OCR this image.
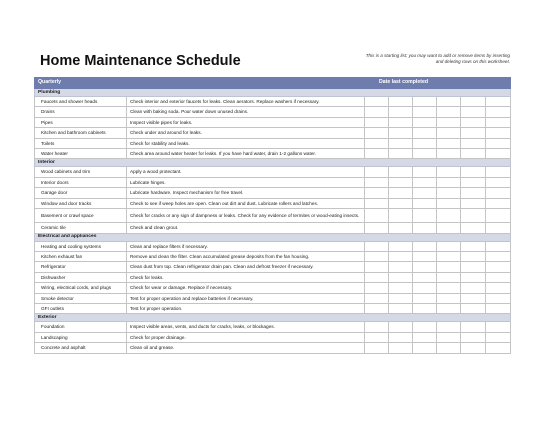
Home Maintenance Schedule	This is a starting list; you may want to add or remove items by inserting and deleting rows on this worksheet.
Quarterly		Date last completed					
Plumbing							
Faucets and shower heads	Check interior and exterior faucets for leaks. Clean aerators. Replace washers if necessary.						
Drains	Clean with baking soda. Pour water down unused drains.						
Pipes	Inspect visible pipes for leaks.						
Kitchen and bathroom cabinets	Check under and around for leaks.						
Toilets	Check for stability and leaks.						
Water heater	Check area around water heater for leaks. If you have hard water, drain 1-2 gallons water.						
Interior							
Wood cabinets and trim	Apply a wood protectant.						
Interior doors	Lubricate hinges.						
Garage door	Lubricate hardware. Inspect mechanism for free travel.						
Window and door tracks	Check to see if weep holes are open. Clean out dirt and dust. Lubricate rollers and latches.						
Basement or crawl space	Check for cracks or any sign of dampness or leaks. Check for any evidence of termites or wood-eating insects.						
Ceramic tile	Check and clean grout.						
Electrical and appliances							
Heating and cooling systems	Clean and replace filters if necessary.						
Kitchen exhaust fan	Remove and clean the filter. Clean accumulated grease deposits from the fan housing.						
Refrigerator	Clean dust from top. Clean refrigerator drain pan. Clean and defrost freezer if necessary.						
Dishwasher	Check for leaks.						
Wiring, electrical cords, and plugs	Check for wear or damage. Replace if necessary.						
Smoke detector	Test for proper operation and replace batteries if necessary.						
GFI outlets	Test for proper operation.						
Exterior							
Foundation	Inspect visible areas, vents, and ducts for cracks, leaks, or blockages.						
Landscaping	Check for proper drainage.						
Concrete and asphalt	Clean oil and grease.						
